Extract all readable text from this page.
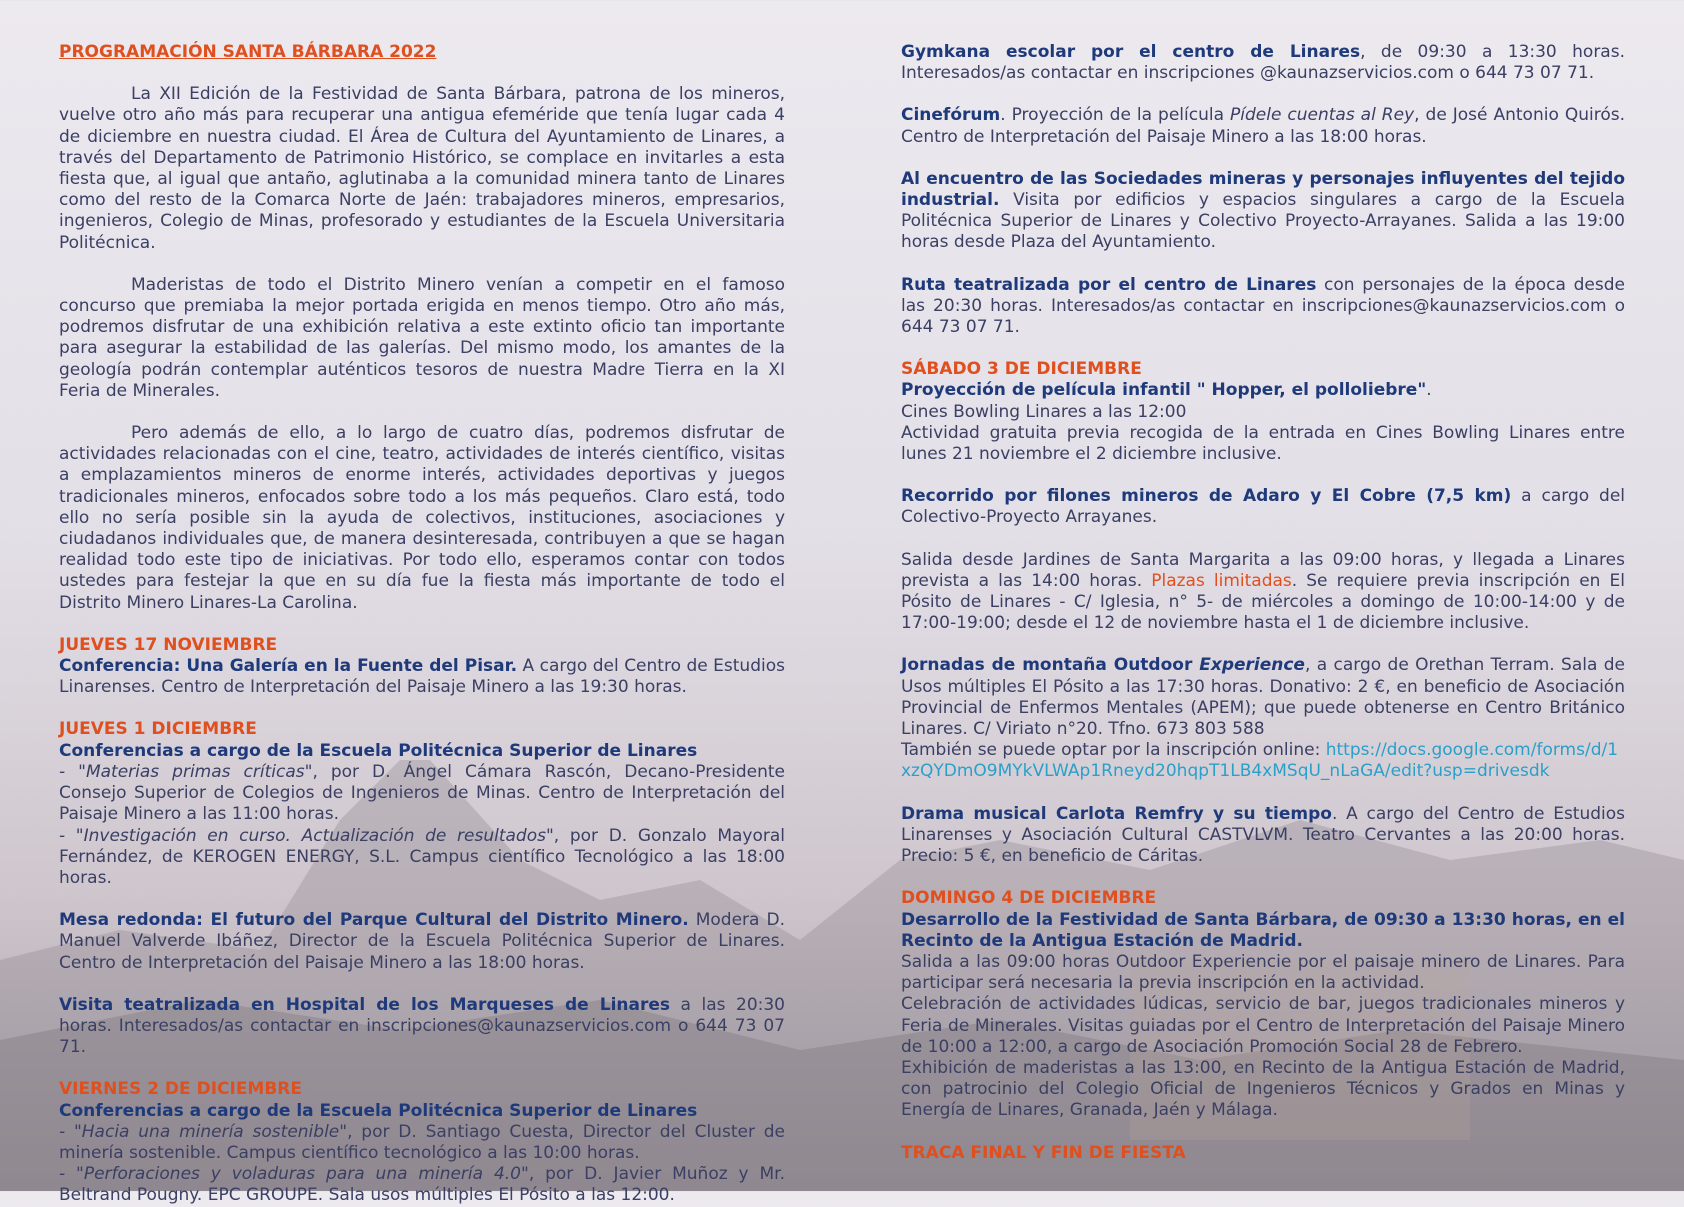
PROGRAMACIÓN SANTA BÁRBARA 2022

La XII Edición de la Festividad de Santa Bárbara, patrona de los mineros, vuelve otro año más para recuperar una antigua efeméride que tenía lugar cada 4 de diciembre en nuestra ciudad. El Área de Cultura del Ayuntamiento de Linares, a través del Departamento de Patrimonio Histórico, se complace en invitarles a esta fiesta que, al igual que antaño, aglutinaba a la comunidad minera tanto de Linares como del resto de la Comarca Norte de Jaén: trabajadores mineros, empresarios, ingenieros, Colegio de Minas, profesorado y estudiantes de la Escuela Universitaria Politécnica.

Maderistas de todo el Distrito Minero venían a competir en el famoso concurso que premiaba la mejor portada erigida en menos tiempo. Otro año más, podremos disfrutar de una exhibición relativa a este extinto oficio tan importante para asegurar la estabilidad de las galerías. Del mismo modo, los amantes de la geología podrán contemplar auténticos tesoros de nuestra Madre Tierra en la XI Feria de Minerales.

Pero además de ello, a lo largo de cuatro días, podremos disfrutar de actividades relacionadas con el cine, teatro, actividades de interés científico, visitas a emplazamientos mineros de enorme interés, actividades deportivas y juegos tradicionales mineros, enfocados sobre todo a los más pequeños. Claro está, todo ello no sería posible sin la ayuda de colectivos, instituciones, asociaciones y ciudadanos individuales que, de manera desinteresada, contribuyen a que se hagan realidad todo este tipo de iniciativas. Por todo ello, esperamos contar con todos ustedes para festejar la que en su día fue la fiesta más importante de todo el Distrito Minero Linares-La Carolina.

JUEVES 17 NOVIEMBRE

Conferencia: Una Galería en la Fuente del Pisar. A cargo del Centro de Estudios Linarenses. Centro de Interpretación del Paisaje Minero a las 19:30 horas.

JUEVES 1 DICIEMBRE

Conferencias a cargo de la Escuela Politécnica Superior de Linares

- "Materias primas críticas", por D. Ángel Cámara Rascón, Decano-Presidente Consejo Superior de Colegios de Ingenieros de Minas. Centro de Interpretación del Paisaje Minero a las 11:00 horas.

- "Investigación en curso. Actualización de resultados", por D. Gonzalo Mayoral Fernández, de KEROGEN ENERGY, S.L. Campus científico Tecnológico a las 18:00 horas.

Mesa redonda: El futuro del Parque Cultural del Distrito Minero. Modera D. Manuel Valverde Ibáñez, Director de la Escuela Politécnica Superior de Linares. Centro de Interpretación del Paisaje Minero a las 18:00 horas.

Visita teatralizada en Hospital de los Marqueses de Linares a las 20:30 horas. Interesados/as contactar en inscripciones@kaunazservicios.com o 644 73 07 71.

VIERNES 2 DE DICIEMBRE

Conferencias a cargo de la Escuela Politécnica Superior de Linares

- "Hacia una minería sostenible", por D. Santiago Cuesta, Director del Cluster de minería sostenible. Campus científico tecnológico a las 10:00 horas.

- "Perforaciones y voladuras para una minería 4.0", por D. Javier Muñoz y Mr. Beltrand Pougny. EPC GROUPE. Sala usos múltiples El Pósito a las 12:00.

Gymkana escolar por el centro de Linares, de 09:30 a 13:30 horas. Interesados/as contactar en inscripciones @kaunazservicios.com o 644 73 07 71.

Cinefórum. Proyección de la película Pídele cuentas al Rey, de José Antonio Quirós. Centro de Interpretación del Paisaje Minero a las 18:00 horas.

Al encuentro de las Sociedades mineras y personajes influyentes del tejido industrial. Visita por edificios y espacios singulares a cargo de la Escuela Politécnica Superior de Linares y Colectivo Proyecto-Arrayanes. Salida a las 19:00 horas desde Plaza del Ayuntamiento.

Ruta teatralizada por el centro de Linares con personajes de la época desde las 20:30 horas. Interesados/as contactar en inscripciones@kaunazservicios.com o 644 73 07 71.

SÁBADO 3 DE DICIEMBRE

Proyección de película infantil " Hopper, el polloliebre".

Cines Bowling Linares a las 12:00

Actividad gratuita previa recogida de la entrada en Cines Bowling Linares entre lunes 21 noviembre el 2 diciembre inclusive.

Recorrido por filones mineros de Adaro y El Cobre (7,5 km) a cargo del Colectivo-Proyecto Arrayanes.

Salida desde Jardines de Santa Margarita a las 09:00 horas, y llegada a Linares prevista a las 14:00 horas. Plazas limitadas. Se requiere previa inscripción en El Pósito de Linares - C/ Iglesia, n° 5- de miércoles a domingo de 10:00-14:00 y de 17:00-19:00; desde el 12 de noviembre hasta el 1 de diciembre inclusive.

Jornadas de montaña Outdoor Experience, a cargo de Orethan Terram. Sala de Usos múltiples El Pósito a las 17:30 horas. Donativo: 2 €, en beneficio de Asociación Provincial de Enfermos Mentales (APEM); que puede obtenerse en Centro Británico Linares. C/ Viriato n°20. Tfno. 673 803 588

También se puede optar por la inscripción online: https://docs.google.com/forms/d/1xzQYDmO9MYkVLWAp1Rneyd20hqpT1LB4xMSqU_nLaGA/edit?usp=drivesdk

Drama musical Carlota Remfry y su tiempo. A cargo del Centro de Estudios Linarenses y Asociación Cultural CASTVLVM. Teatro Cervantes a las 20:00 horas. Precio: 5 €, en beneficio de Cáritas.

DOMINGO 4 DE DICIEMBRE

Desarrollo de la Festividad de Santa Bárbara, de 09:30 a 13:30 horas, en el Recinto de la Antigua Estación de Madrid.

Salida a las 09:00 horas Outdoor Experiencie por el paisaje minero de Linares. Para participar será necesaria la previa inscripción en la actividad.

Celebración de actividades lúdicas, servicio de bar, juegos tradicionales mineros y Feria de Minerales. Visitas guiadas por el Centro de Interpretación del Paisaje Minero de 10:00 a 12:00, a cargo de Asociación Promoción Social 28 de Febrero.

Exhibición de maderistas a las 13:00, en Recinto de la Antigua Estación de Madrid, con patrocinio del Colegio Oficial de Ingenieros Técnicos y Grados en Minas y Energía de Linares, Granada, Jaén y Málaga.

TRACA FINAL Y FIN DE FIESTA
